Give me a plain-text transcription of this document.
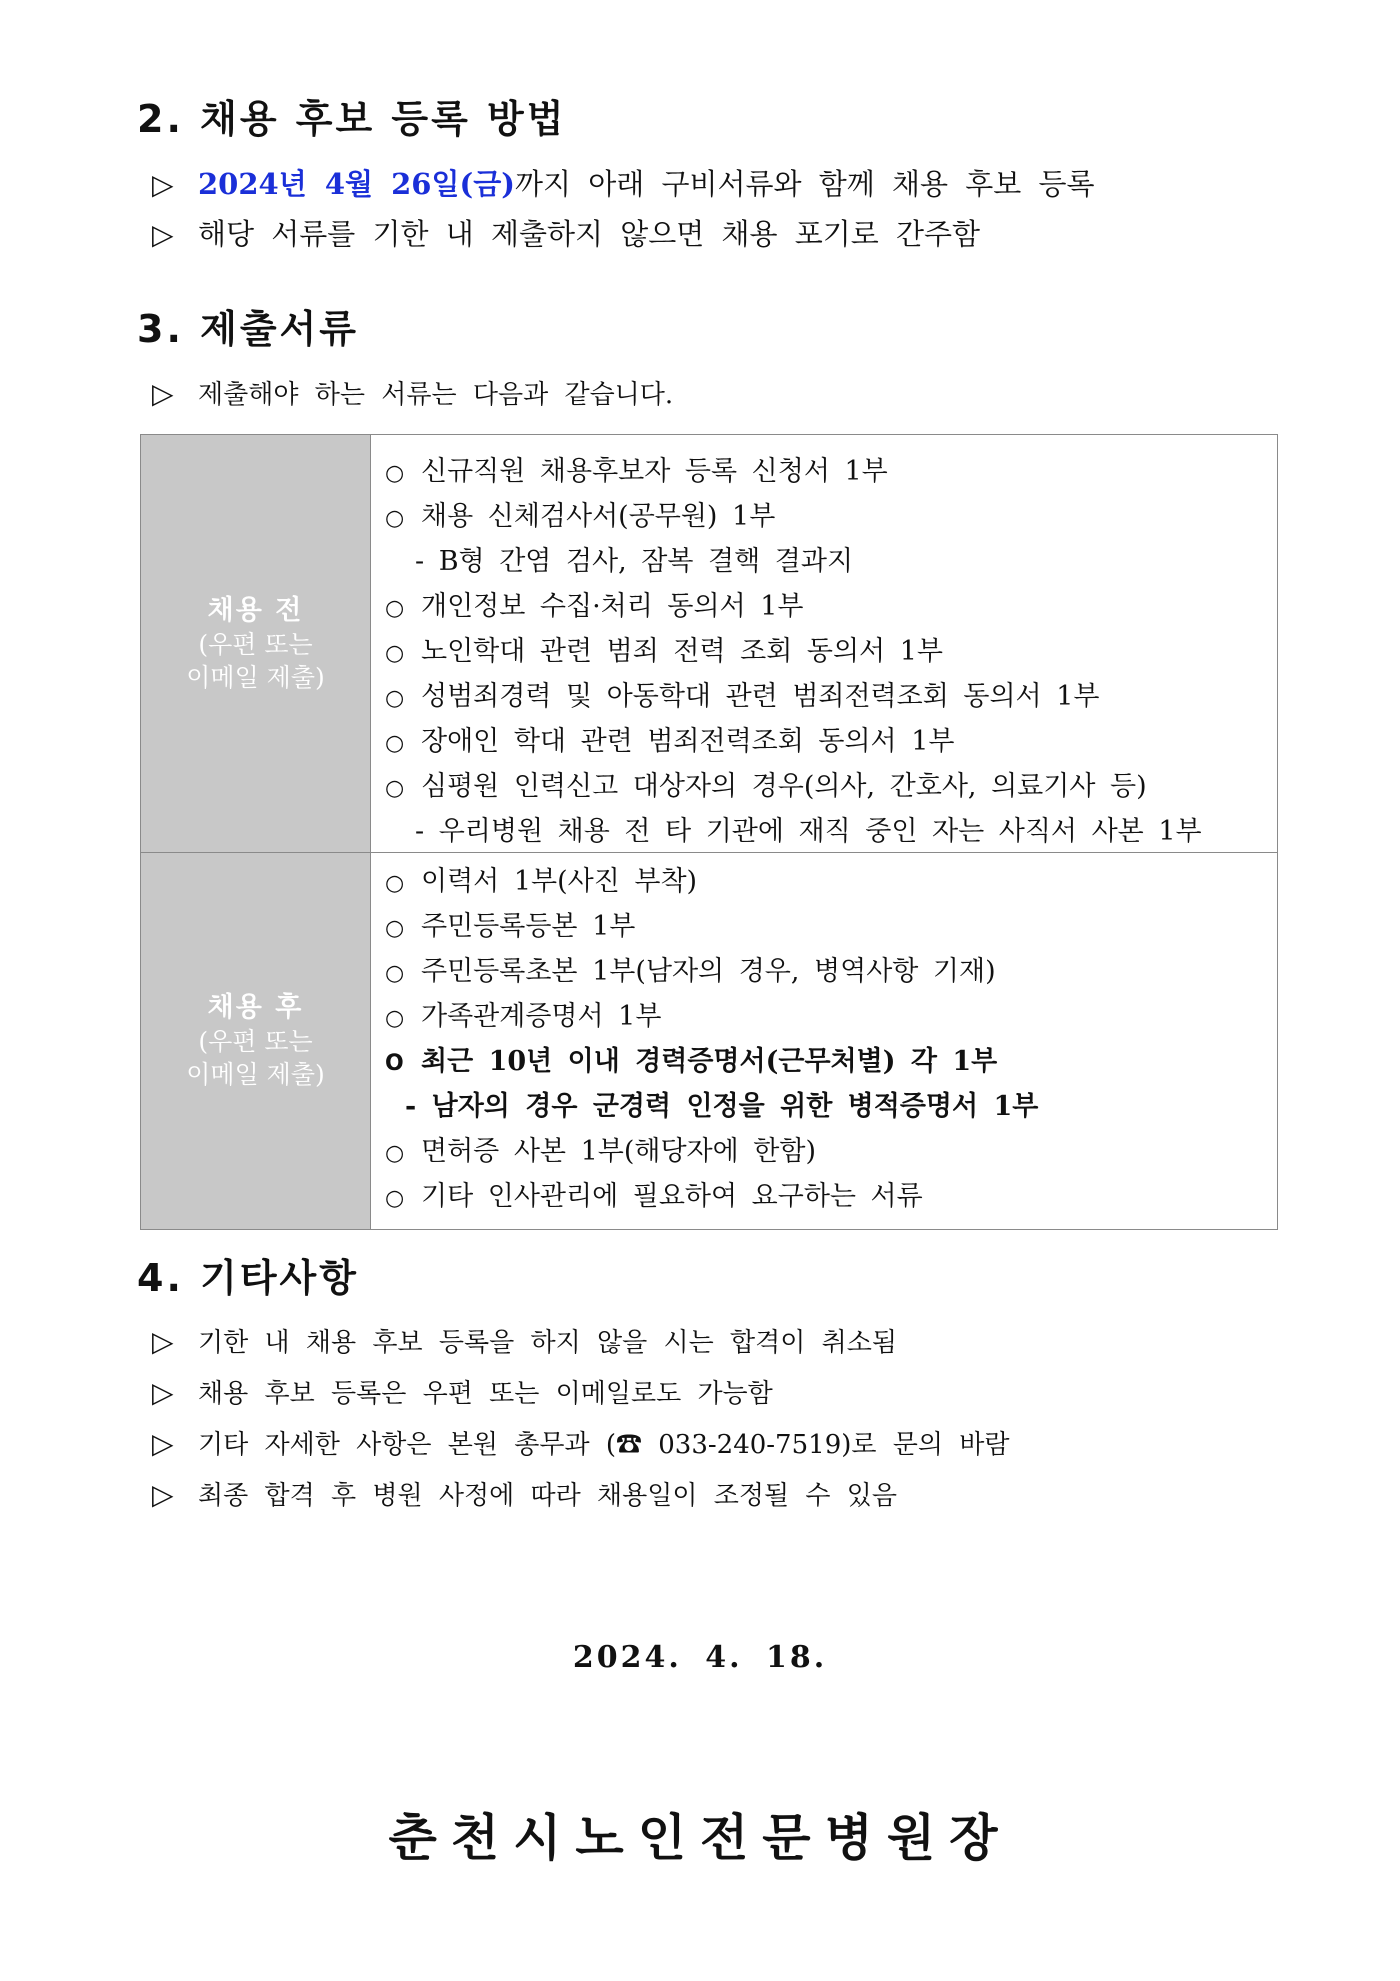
2. 채용 후보 등록 방법
▷ 2024년 4월 26일(금)까지 아래 구비서류와 함께 채용 후보 등록
▷ 해당 서류를 기한 내 제출하지 않으면 채용 포기로 간주함
3. 제출서류
▷ 제출해야 하는 서류는 다음과 같습니다.
채용 전
(우편 또는
이메일 제출)
○ 신규직원 채용후보자 등록 신청서 1부
○ 채용 신체검사서(공무원) 1부
- B형 간염 검사, 잠복 결핵 결과지
○ 개인정보 수집·처리 동의서 1부
○ 노인학대 관련 범죄 전력 조회 동의서 1부
○ 성범죄경력 및 아동학대 관련 범죄전력조회 동의서 1부
○ 장애인 학대 관련 범죄전력조회 동의서 1부
○ 심평원 인력신고 대상자의 경우(의사, 간호사, 의료기사 등)
- 우리병원 채용 전 타 기관에 재직 중인 자는 사직서 사본 1부
채용 후
(우편 또는
이메일 제출)
○ 이력서 1부(사진 부착)
○ 주민등록등본 1부
○ 주민등록초본 1부(남자의 경우, 병역사항 기재)
○ 가족관계증명서 1부
O 최근 10년 이내 경력증명서(근무처별) 각 1부
- 남자의 경우 군경력 인정을 위한 병적증명서 1부
○ 면허증 사본 1부(해당자에 한함)
○ 기타 인사관리에 필요하여 요구하는 서류
4. 기타사항
▷ 기한 내 채용 후보 등록을 하지 않을 시는 합격이 취소됨
▷ 채용 후보 등록은 우편 또는 이메일로도 가능함
▷ 기타 자세한 사항은 본원 총무과 (☎ 033-240-7519)로 문의 바람
▷ 최종 합격 후 병원 사정에 따라 채용일이 조정될 수 있음
2024. 4. 18.
춘천시노인전문병원장
